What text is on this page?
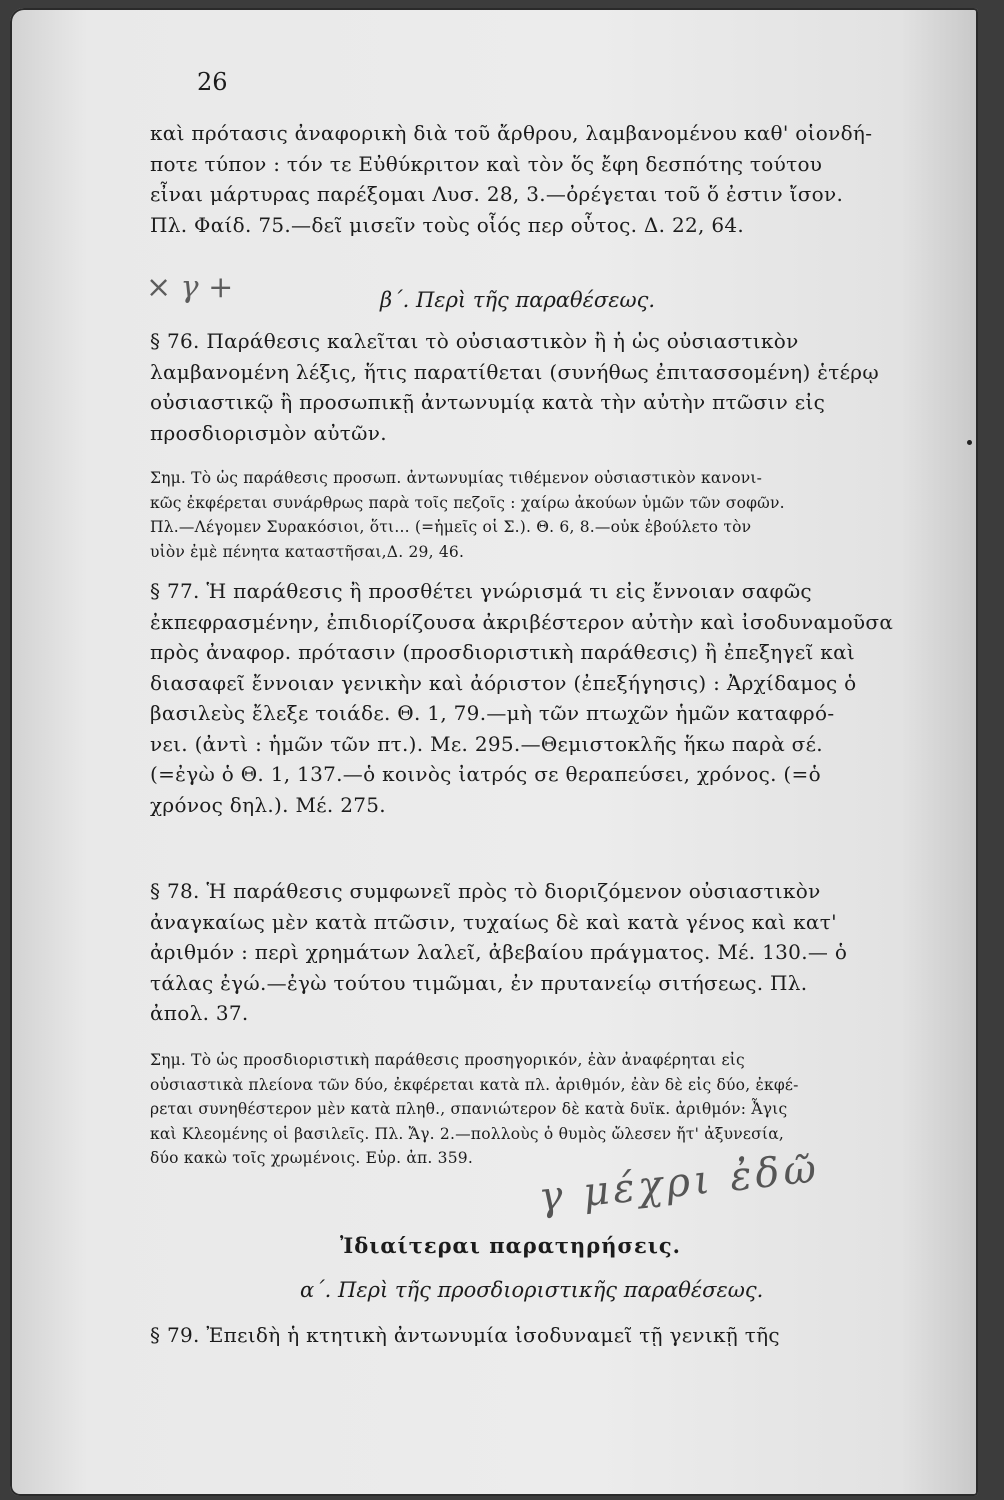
26
× γ +
καὶ πρότασις ἀναφορικὴ διὰ τοῦ ἄρθρου, λαμβανομένου καθ' οἱονδή-
ποτε τύπον : τόν τε Εὐθύκριτον καὶ τὸν ὅς ἔφη δεσπότης τούτου
εἶναι μάρτυρας παρέξομαι Λυσ. 28, 3.—ὀρέγεται τοῦ ὅ ἐστιν ἴσον.
Πλ. Φαίδ. 75.—δεῖ μισεῖν τοὺς οἷός περ οὗτος. Δ. 22, 64.
β΄. Περὶ τῆς παραθέσεως.
§ 76. Παράθεσις καλεῖται τὸ οὐσιαστικὸν ἢ ἡ ὡς οὐσιαστικὸν
λαμβανομένη λέξις, ἥτις παρατίθεται (συνήθως ἐπιτασσομένη) ἑτέρῳ
οὐσιαστικῷ ἢ προσωπικῇ ἀντωνυμίᾳ κατὰ τὴν αὐτὴν πτῶσιν εἰς
προσδιορισμὸν αὐτῶν.
Σημ. Τὸ ὡς παράθεσις προσωπ. ἀντωνυμίας τιθέμενον οὐσιαστικὸν κανονι-
κῶς ἐκφέρεται συνάρθρως παρὰ τοῖς πεζοῖς : χαίρω ἀκούων ὑμῶν τῶν σοφῶν.
Πλ.—Λέγομεν Συρακόσιοι, ὅτι... (=ἡμεῖς οἱ Σ.). Θ. 6, 8.—οὐκ ἐβούλετο τὸν
υἱὸν ἐμὲ πένητα καταστῆσαι,Δ. 29, 46.
§ 77. Ἡ παράθεσις ἢ προσθέτει γνώρισμά τι εἰς ἔννοιαν σαφῶς
ἐκπεφρασμένην, ἐπιδιορίζουσα ἀκριβέστερον αὐτὴν καὶ ἰσοδυναμοῦσα
πρὸς ἀναφορ. πρότασιν (προσδιοριστικὴ παράθεσις) ἢ ἐπεξηγεῖ καὶ
διασαφεῖ ἔννοιαν γενικὴν καὶ ἀόριστον (ἐπεξήγησις) : Ἀρχίδαμος ὁ
βασιλεὺς ἔλεξε τοιάδε. Θ. 1, 79.—μὴ τῶν πτωχῶν ἡμῶν καταφρό-
νει. (ἀντὶ : ἡμῶν τῶν πτ.). Με. 295.—Θεμιστοκλῆς ἥκω παρὰ σέ.
(=ἐγὼ ὁ Θ. 1, 137.—ὁ κοινὸς ἰατρός σε θεραπεύσει, χρόνος. (=ὁ
χρόνος δηλ.). Μέ. 275.
§ 78. Ἡ παράθεσις συμφωνεῖ πρὸς τὸ διοριζόμενον οὐσιαστικὸν
ἀναγκαίως μὲν κατὰ πτῶσιν, τυχαίως δὲ καὶ κατὰ γένος καὶ κατ'
ἀριθμόν : περὶ χρημάτων λαλεῖ, ἀβεβαίου πράγματος. Μέ. 130.— ὁ
τάλας ἐγώ.—ἐγὼ τούτου τιμῶμαι, ἐν πρυτανείῳ σιτήσεως. Πλ.
ἀπολ. 37.
Σημ. Τὸ ὡς προσδιοριστικὴ παράθεσις προσηγορικόν, ἐὰν ἀναφέρηται εἰς
οὐσιαστικὰ πλείονα τῶν δύο, ἐκφέρεται κατὰ πλ. ἀριθμόν, ἐὰν δὲ εἰς δύο, ἐκφέ-
ρεται συνηθέστερον μὲν κατὰ πληθ., σπανιώτερον δὲ κατὰ δυϊκ. ἀριθμόν: Ἆγις
καὶ Κλεομένης οἱ βασιλεῖς. Πλ. Ἄγ. 2.—πολλοὺς ὁ θυμὸς ὤλεσεν ἤτ' ἀξυνεσία,
δύο κακὼ τοῖς χρωμένοις. Εὐρ. ἀπ. 359.	γ μέχρι ἐδῶ
Ἰδιαίτεραι παρατηρήσεις.
α΄. Περὶ τῆς προσδιοριστικῆς παραθέσεως.
§ 79. Ἐπειδὴ ἡ κτητικὴ ἀντωνυμία ἰσοδυναμεῖ τῇ γενικῇ τῆς
